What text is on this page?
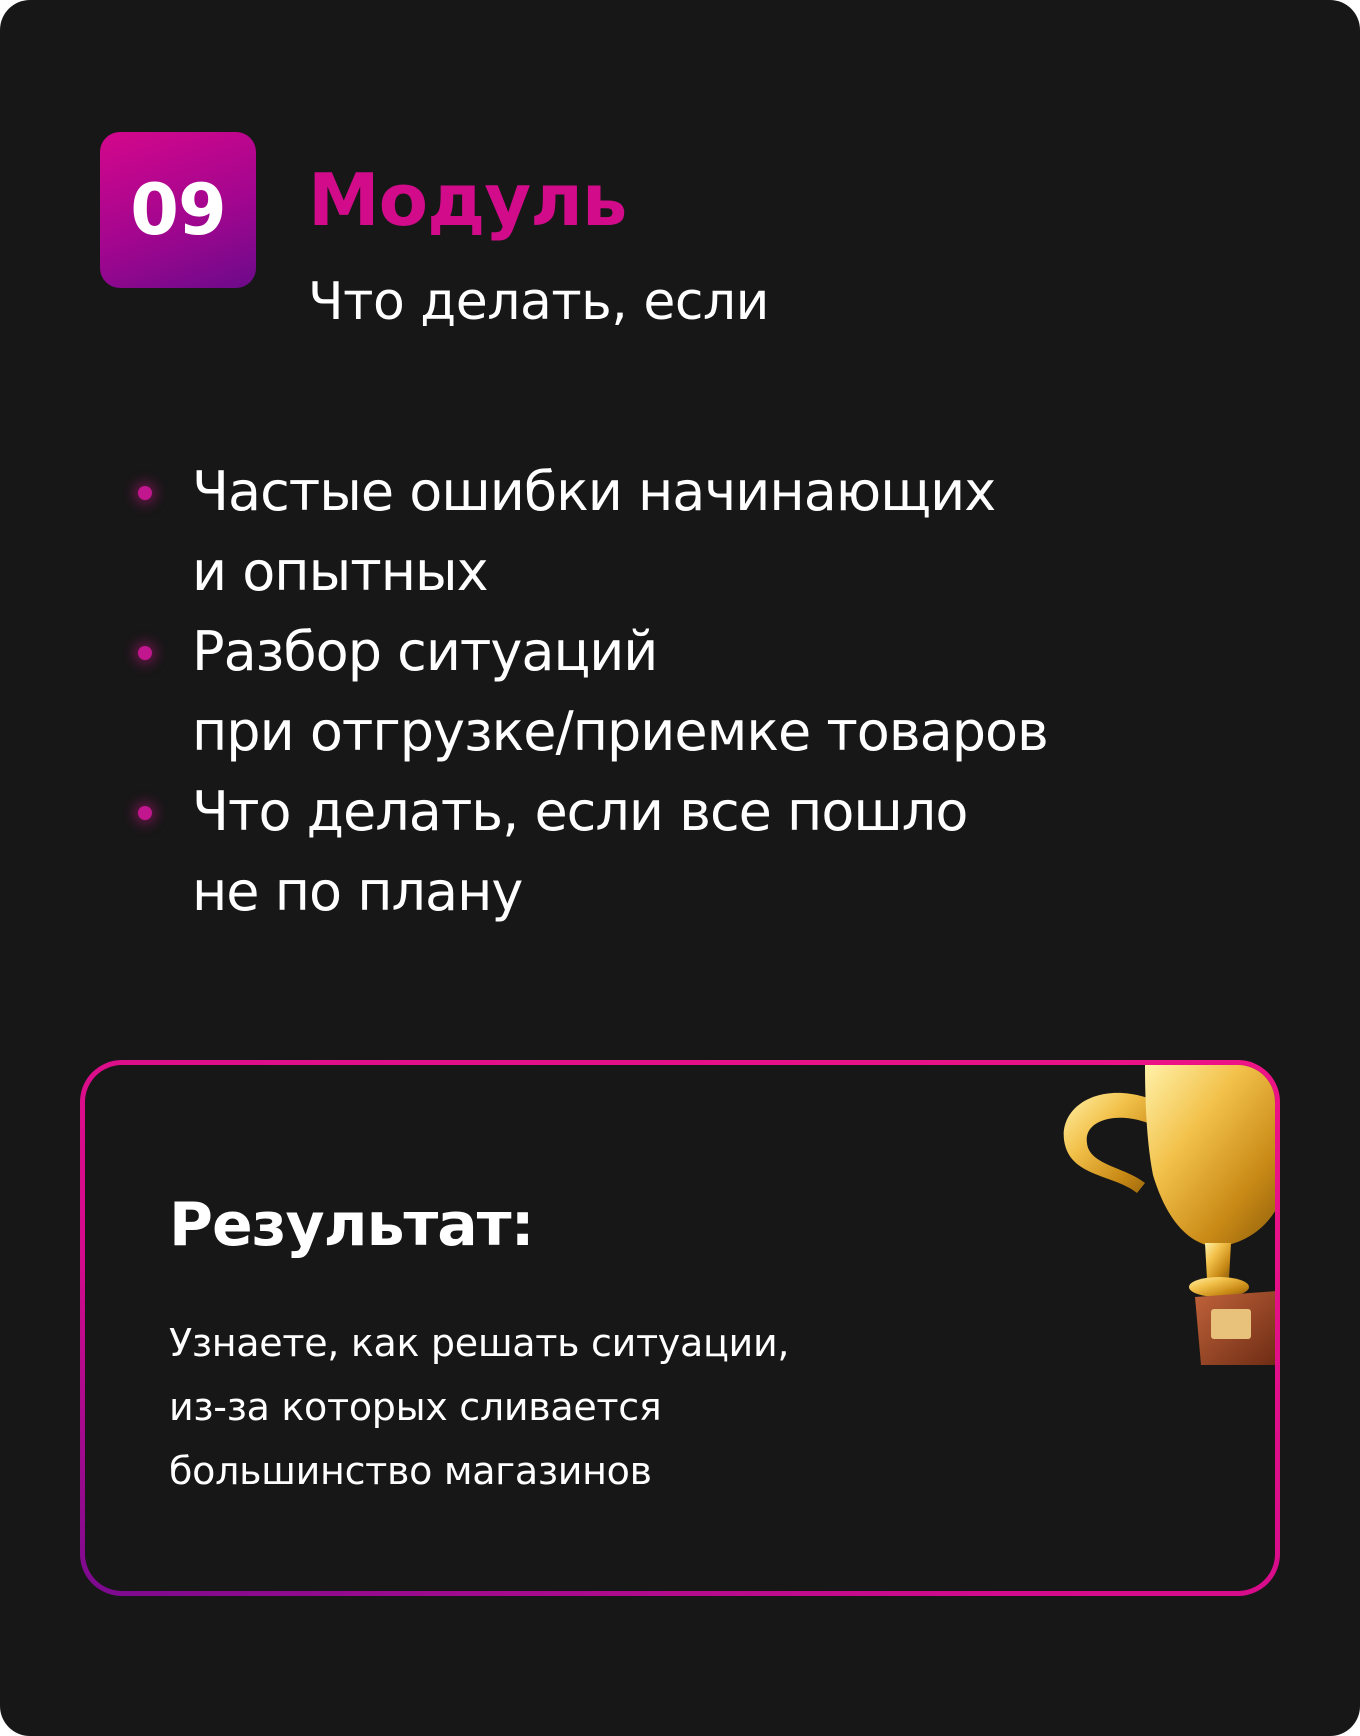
09 Модуль
Что делать, если
Частые ошибки начинающих
и опытных
Разбор ситуаций
при отгрузке/приемке товаров
Что делать, если все пошло
не по плану
Результат:
Узнаете, как решать ситуации,
из-за которых сливается
большинство магазинов
